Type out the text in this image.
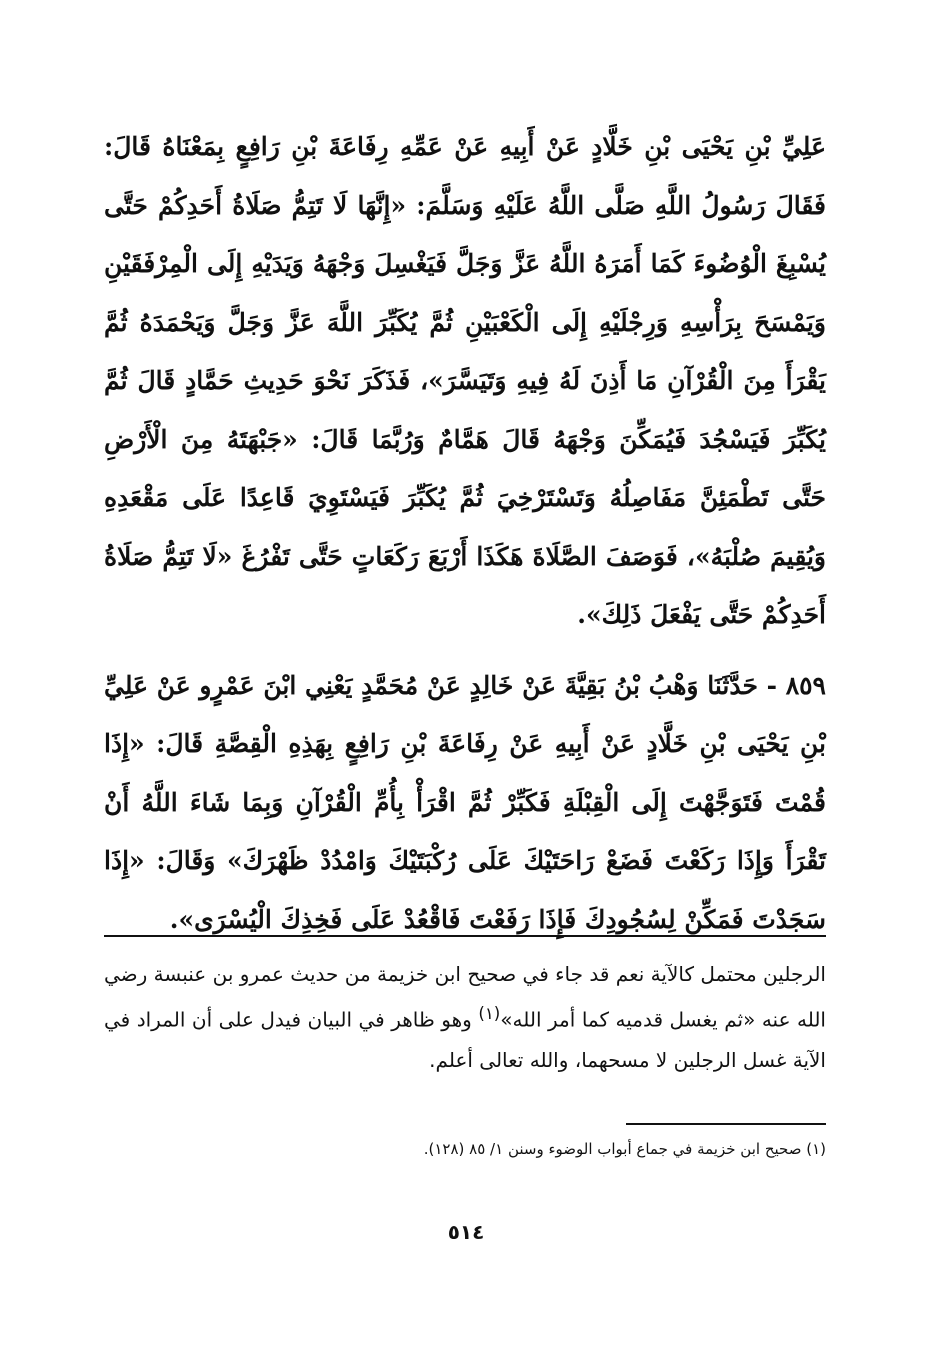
عَلِيِّ بْنِ يَحْيَى بْنِ خَلَّادٍ عَنْ أَبِيهِ عَنْ عَمِّهِ رِفَاعَةَ بْنِ رَافِعٍ بِمَعْنَاهُ قَالَ: فَقَالَ رَسُولُ اللَّهِ صَلَّى اللَّهُ عَلَيْهِ وَسَلَّمَ: «إِنَّهَا لَا تَتِمُّ صَلَاةُ أَحَدِكُمْ حَتَّى يُسْبِغَ الْوُضُوءَ كَمَا أَمَرَهُ اللَّهُ عَزَّ وَجَلَّ فَيَغْسِلَ وَجْهَهُ وَيَدَيْهِ إِلَى الْمِرْفَقَيْنِ وَيَمْسَحَ بِرَأْسِهِ وَرِجْلَيْهِ إِلَى الْكَعْبَيْنِ ثُمَّ يُكَبِّرَ اللَّهَ عَزَّ وَجَلَّ وَيَحْمَدَهُ ثُمَّ يَقْرَأَ مِنَ الْقُرْآنِ مَا أَذِنَ لَهُ فِيهِ وَتَيَسَّرَ»، فَذَكَرَ نَحْوَ حَدِيثِ حَمَّادٍ قَالَ ثُمَّ يُكَبِّرَ فَيَسْجُدَ فَيُمَكِّنَ وَجْهَهُ قَالَ هَمَّامٌ وَرُبَّمَا قَالَ: «جَبْهَتَهُ مِنَ الْأَرْضِ حَتَّى تَطْمَئِنَّ مَفَاصِلُهُ وَتَسْتَرْخِيَ ثُمَّ يُكَبِّرَ فَيَسْتَوِيَ قَاعِدًا عَلَى مَقْعَدِهِ وَيُقِيمَ صُلْبَهُ»، فَوَصَفَ الصَّلَاةَ هَكَذَا أَرْبَعَ رَكَعَاتٍ حَتَّى تَفْرُغَ «لَا تَتِمُّ صَلَاةُ أَحَدِكُمْ حَتَّى يَفْعَلَ ذَلِكَ».

٨٥٩ - حَدَّثَنَا وَهْبُ بْنُ بَقِيَّةَ عَنْ خَالِدٍ عَنْ مُحَمَّدٍ يَعْنِي ابْنَ عَمْرٍو عَنْ عَلِيِّ بْنِ يَحْيَى بْنِ خَلَّادٍ عَنْ أَبِيهِ عَنْ رِفَاعَةَ بْنِ رَافِعٍ بِهَذِهِ الْقِصَّةِ قَالَ: «إِذَا قُمْتَ فَتَوَجَّهْتَ إِلَى الْقِبْلَةِ فَكَبِّرْ ثُمَّ اقْرَأْ بِأُمِّ الْقُرْآنِ وَبِمَا شَاءَ اللَّهُ أَنْ تَقْرَأَ وَإِذَا رَكَعْتَ فَضَعْ رَاحَتَيْكَ عَلَى رُكْبَتَيْكَ وَامْدُدْ ظَهْرَكَ» وَقَالَ: «إِذَا سَجَدْتَ فَمَكِّنْ لِسُجُودِكَ فَإِذَا رَفَعْتَ فَاقْعُدْ عَلَى فَخِذِكَ الْيُسْرَى».

الرجلين محتمل كالآية نعم قد جاء في صحيح ابن خزيمة من حديث عمرو بن عنبسة رضي الله عنه «ثم يغسل قدميه كما أمر الله»$^{(١)}$ وهو ظاهر في البيان فيدل على أن المراد في الآية غسل الرجلين لا مسحهما، والله تعالى أعلم.

(١) صحيح ابن خزيمة في جماع أبواب الوضوء وسنن ١/ ٨٥ (١٢٨).
٥١٤
